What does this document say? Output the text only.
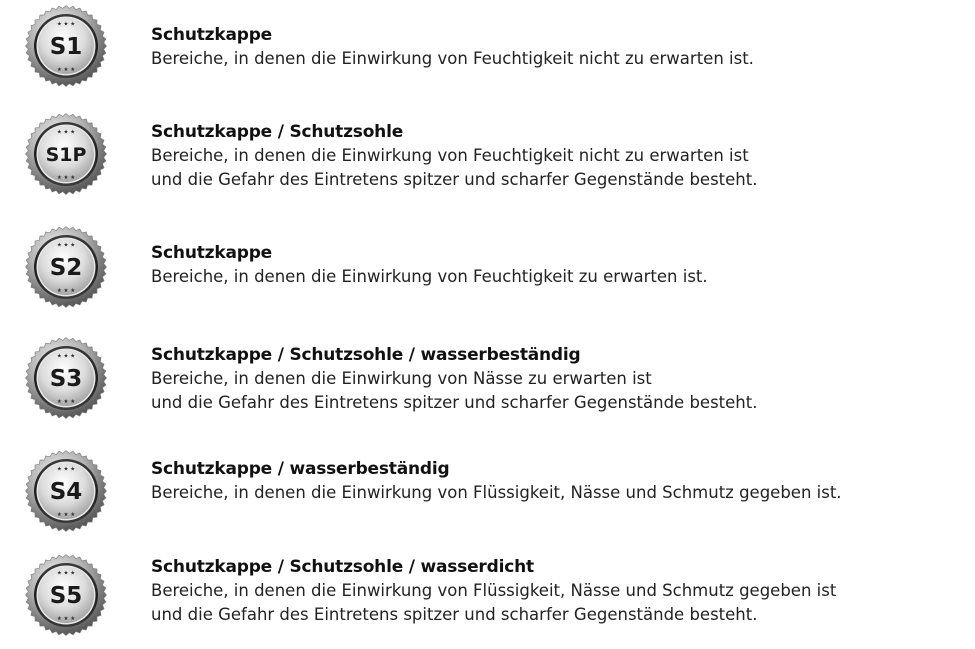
S1	Schutzkappe
Bereiche, in denen die Einwirkung von Feuchtigkeit nicht zu erwarten ist.
S1P
Schutzkappe / Schutzsohle
Bereiche, in denen die Einwirkung von Feuchtigkeit nicht zu erwarten ist
und die Gefahr des Eintretens spitzer und scharfer Gegenstände besteht.
S2
Schutzkappe
Bereiche, in denen die Einwirkung von Feuchtigkeit zu erwarten ist.
S3
Schutzkappe / Schutzsohle / wasserbeständig
Bereiche, in denen die Einwirkung von Nässe zu erwarten ist
und die Gefahr des Eintretens spitzer und scharfer Gegenstände besteht.
S4
Schutzkappe / wasserbeständig
Bereiche, in denen die Einwirkung von Flüssigkeit, Nässe und Schmutz gegeben ist.
S5
Schutzkappe / Schutzsohle / wasserdicht
Bereiche, in denen die Einwirkung von Flüssigkeit, Nässe und Schmutz gegeben ist
und die Gefahr des Eintretens spitzer und scharfer Gegenstände besteht.
